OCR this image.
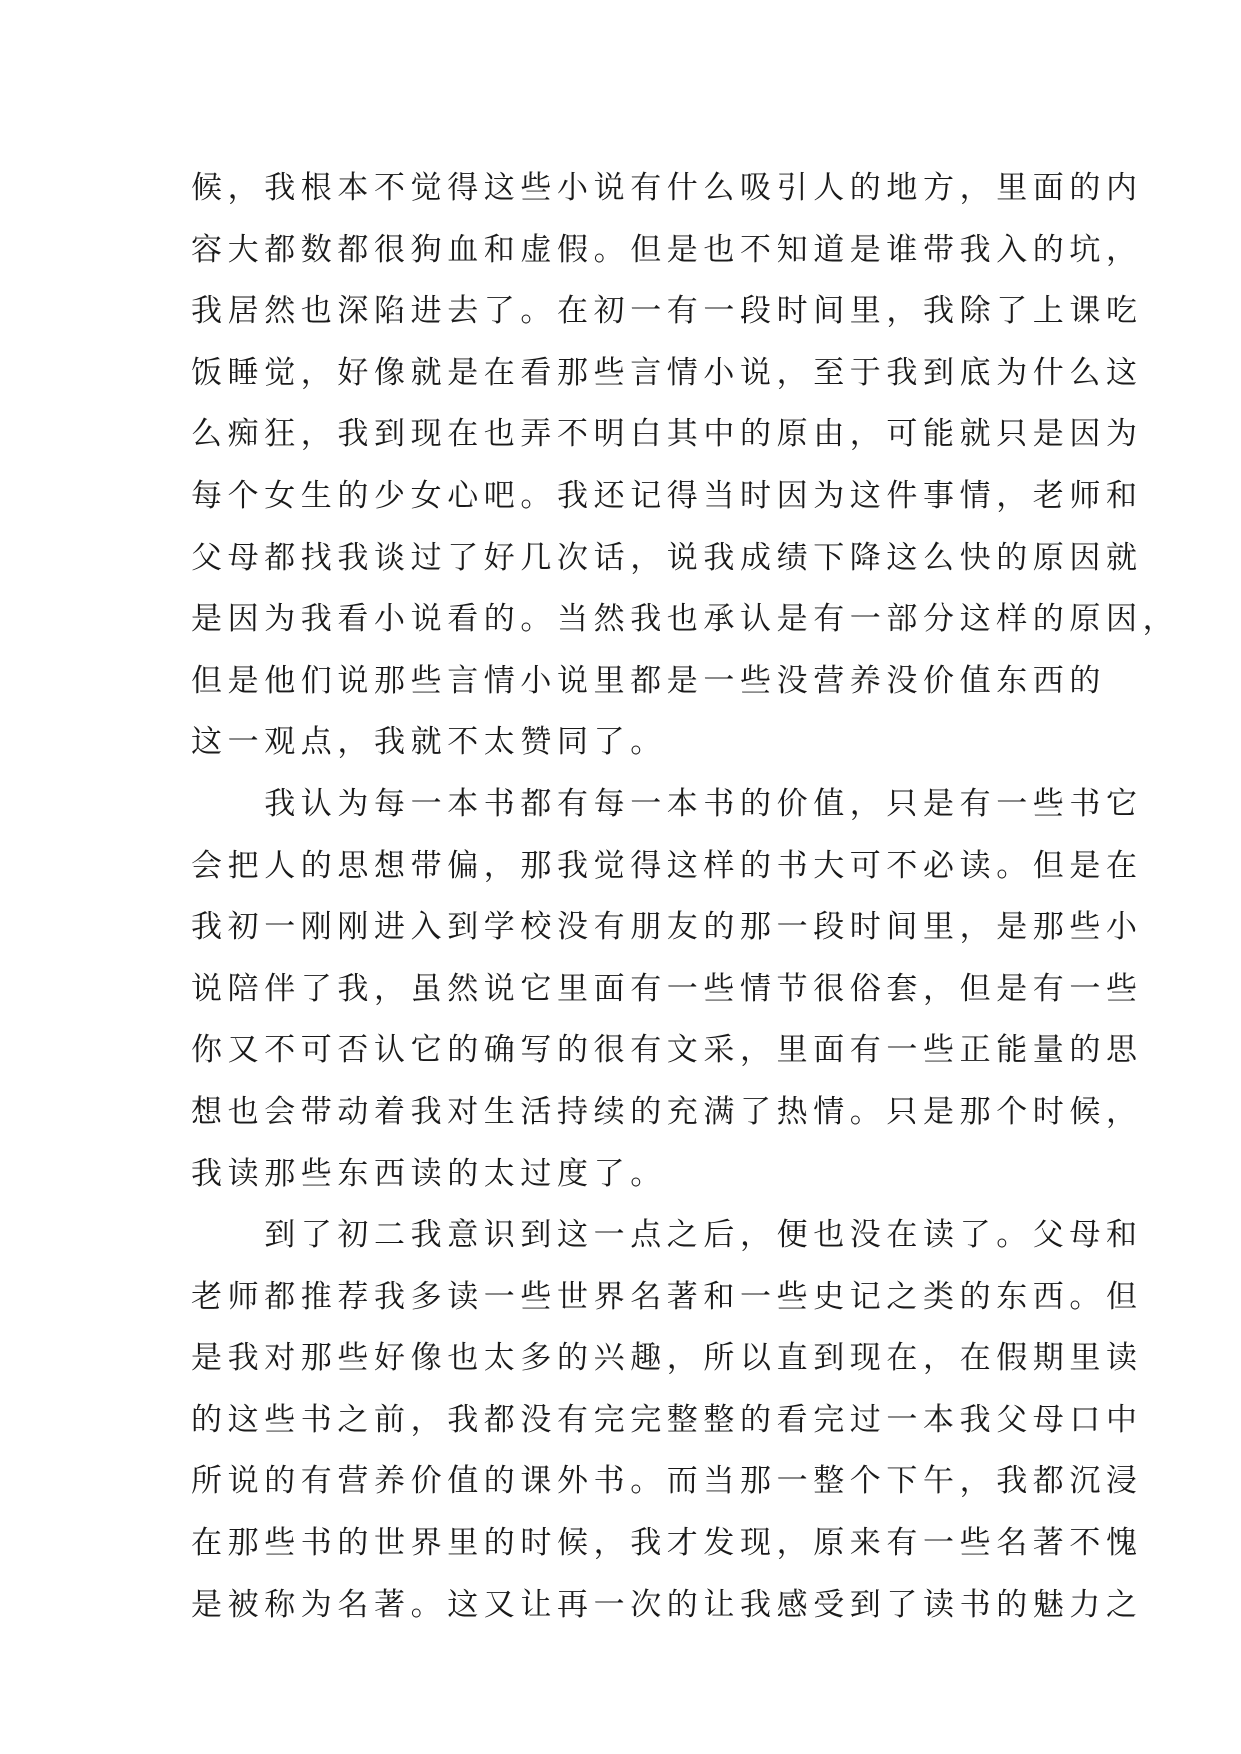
候，我根本不觉得这些小说有什么吸引人的地方，里面的内
容大都数都很狗血和虚假。但是也不知道是谁带我入的坑，
我居然也深陷进去了。在初一有一段时间里，我除了上课吃
饭睡觉，好像就是在看那些言情小说，至于我到底为什么这
么痴狂，我到现在也弄不明白其中的原由，可能就只是因为
每个女生的少女心吧。我还记得当时因为这件事情，老师和
父母都找我谈过了好几次话，说我成绩下降这么快的原因就
是因为我看小说看的。当然我也承认是有一部分这样的原因，
但是他们说那些言情小说里都是一些没营养没价值东西的
这一观点，我就不太赞同了。
　　我认为每一本书都有每一本书的价值，只是有一些书它
会把人的思想带偏，那我觉得这样的书大可不必读。但是在
我初一刚刚进入到学校没有朋友的那一段时间里，是那些小
说陪伴了我，虽然说它里面有一些情节很俗套，但是有一些
你又不可否认它的确写的很有文采，里面有一些正能量的思
想也会带动着我对生活持续的充满了热情。只是那个时候，
我读那些东西读的太过度了。
　　到了初二我意识到这一点之后，便也没在读了。父母和
老师都推荐我多读一些世界名著和一些史记之类的东西。但
是我对那些好像也太多的兴趣，所以直到现在，在假期里读
的这些书之前，我都没有完完整整的看完过一本我父母口中
所说的有营养价值的课外书。而当那一整个下午，我都沉浸
在那些书的世界里的时候，我才发现，原来有一些名著不愧
是被称为名著。这又让再一次的让我感受到了读书的魅力之
